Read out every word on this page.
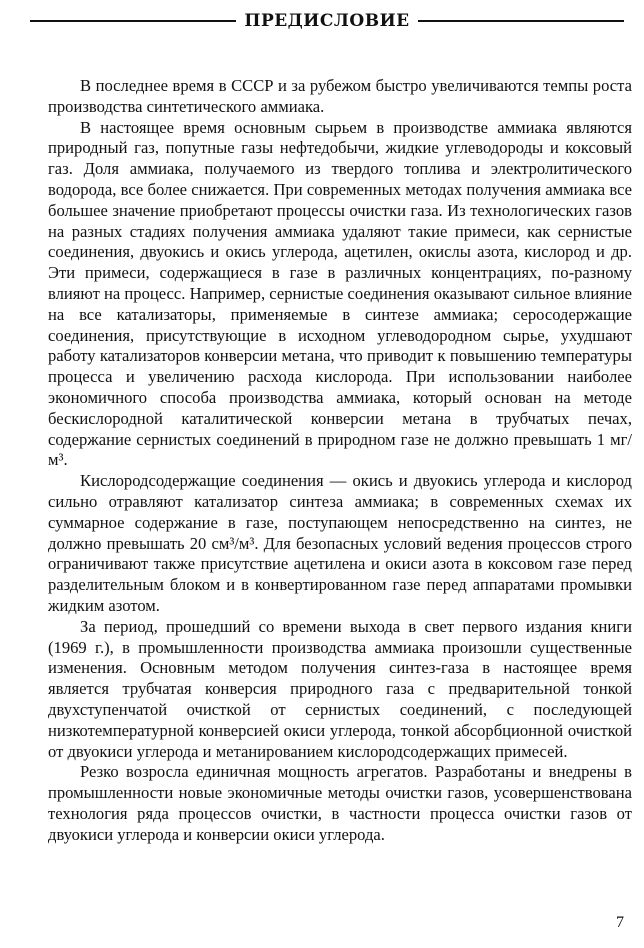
ПРЕДИСЛОВИЕ

В последнее время в СССР и за рубежом быстро увеличиваются темпы роста производства синтетического аммиака.

В настоящее время основным сырьем в производстве аммиака являются природный газ, попутные газы нефтедобычи, жидкие углеводороды и коксовый газ. Доля аммиака, получаемого из твердого топлива и электролитического водорода, все более снижается. При современных методах получения аммиака все большее значение приобретают процессы очистки газа. Из технологических газов на разных стадиях получения аммиака удаляют такие примеси, как сернистые соединения, двуокись и окись углерода, ацетилен, окислы азота, кислород и др. Эти примеси, содержащиеся в газе в различных концентрациях, по-разному влияют на процесс. Например, сернистые соединения оказывают сильное влияние на все катализаторы, применяемые в синтезе аммиака; серосодержащие соединения, присутствующие в исходном углеводородном сырье, ухудшают работу катализаторов конверсии метана, что приводит к повышению температуры процесса и увеличению расхода кислорода. При использовании наиболее экономичного способа производства аммиака, который основан на методе бескислородной каталитической конверсии метана в трубчатых печах, содержание сернистых соединений в природном газе не должно превышать 1 мг/м³.

Кислородсодержащие соединения — окись и двуокись углерода и кислород сильно отравляют катализатор синтеза аммиака; в современных схемах их суммарное содержание в газе, поступающем непосредственно на синтез, не должно превышать 20 см³/м³. Для безопасных условий ведения процессов строго ограничивают также присутствие ацетилена и окиси азота в коксовом газе перед разделительным блоком и в конвертированном газе перед аппаратами промывки жидким азотом.

За период, прошедший со времени выхода в свет первого издания книги (1969 г.), в промышленности производства аммиака произошли существенные изменения. Основным методом получения синтез-газа в настоящее время является трубчатая конверсия природного газа с предварительной тонкой двухступенчатой очисткой от сернистых соединений, с последующей низкотемпературной конверсией окиси углерода, тонкой абсорбционной очисткой от двуокиси углерода и метанированием кислородсодержащих примесей.

Резко возросла единичная мощность агрегатов. Разработаны и внедрены в промышленности новые экономичные методы очистки газов, усовершенствована технология ряда процессов очистки, в частности процесса очистки газов от двуокиси углерода и конверсии окиси углерода.

7
